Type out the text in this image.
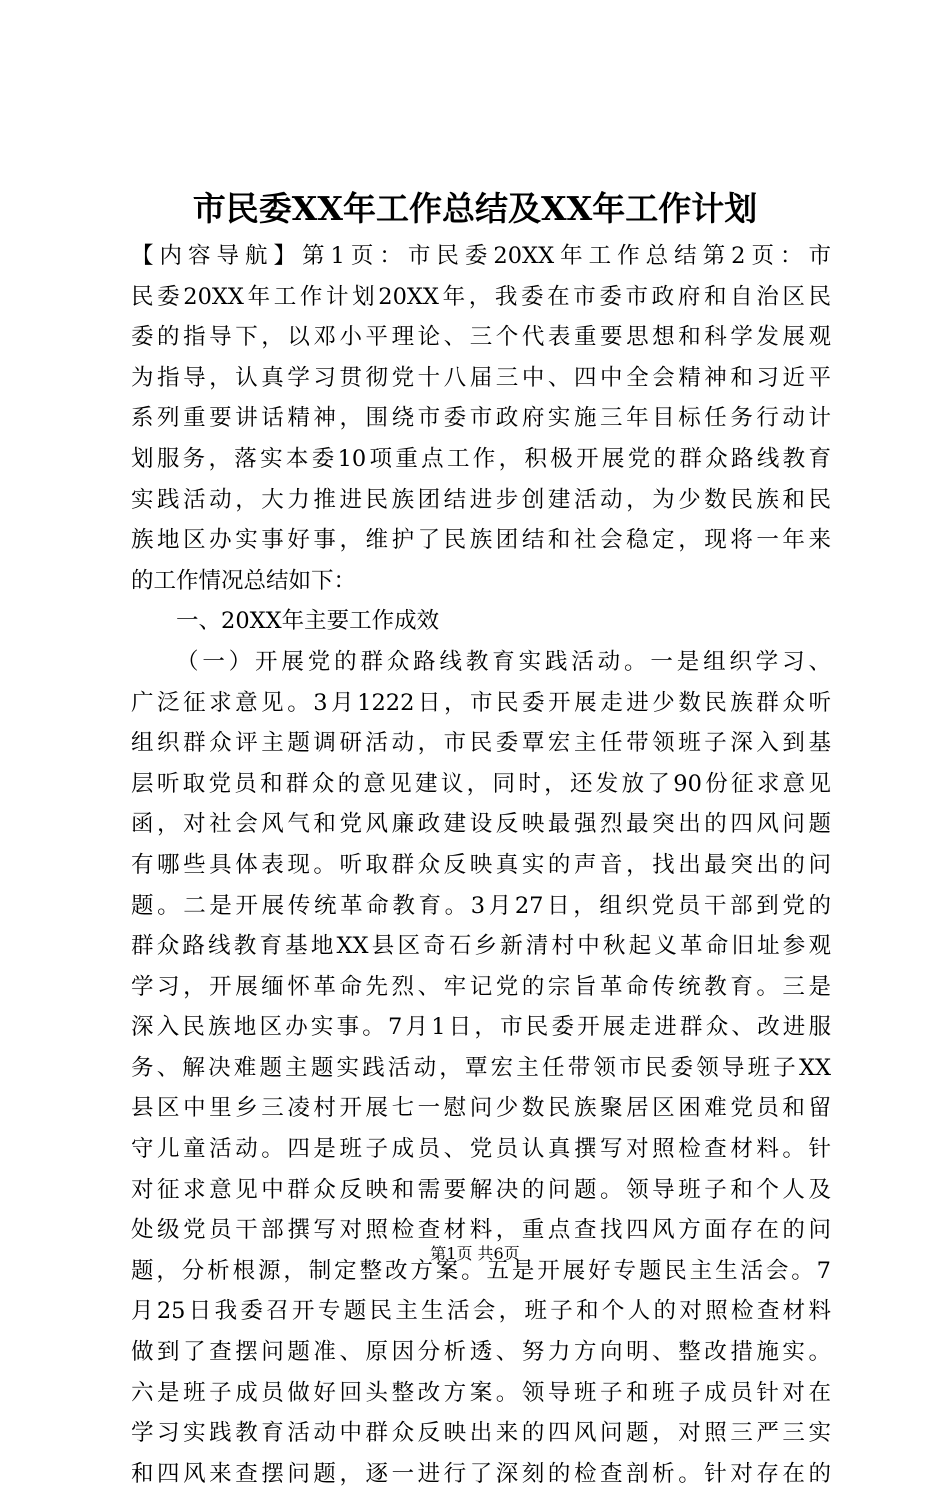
市民委XX年工作总结及XX年工作计划
【内容导航】第1页：市民委20XX年工作总结第2页：市
民委20XX年工作计划20XX年，我委在市委市政府和自治区民
委的指导下，以邓小平理论、三个代表重要思想和科学发展观
为指导，认真学习贯彻党十八届三中、四中全会精神和习近平
系列重要讲话精神，围绕市委市政府实施三年目标任务行动计
划服务，落实本委10项重点工作，积极开展党的群众路线教育
实践活动，大力推进民族团结进步创建活动，为少数民族和民
族地区办实事好事，维护了民族团结和社会稳定，现将一年来
的工作情况总结如下：
一、20XX年主要工作成效
（一）开展党的群众路线教育实践活动。一是组织学习、
广泛征求意见。3月1222日，市民委开展走进少数民族群众听
组织群众评主题调研活动，市民委覃宏主任带领班子深入到基
层听取党员和群众的意见建议，同时，还发放了90份征求意见
函，对社会风气和党风廉政建设反映最强烈最突出的四风问题
有哪些具体表现。听取群众反映真实的声音，找出最突出的问
题。二是开展传统革命教育。3月27日，组织党员干部到党的
群众路线教育基地XX县区奇石乡新清村中秋起义革命旧址参观
学习，开展缅怀革命先烈、牢记党的宗旨革命传统教育。三是
深入民族地区办实事。7月1日，市民委开展走进群众、改进服
务、解决难题主题实践活动，覃宏主任带领市民委领导班子XX
县区中里乡三凌村开展七一慰问少数民族聚居区困难党员和留
守儿童活动。四是班子成员、党员认真撰写对照检查材料。针
对征求意见中群众反映和需要解决的问题。领导班子和个人及
处级党员干部撰写对照检查材料，重点查找四风方面存在的问
题，分析根源，制定整改方案。五是开展好专题民主生活会。7
月25日我委召开专题民主生活会，班子和个人的对照检查材料
做到了查摆问题准、原因分析透、努力方向明、整改措施实。
六是班子成员做好回头整改方案。领导班子和班子成员针对在
学习实践教育活动中群众反映出来的四风问题，对照三严三实
和四风来查摆问题，逐一进行了深刻的检查剖析。针对存在的
第1页 共6页
